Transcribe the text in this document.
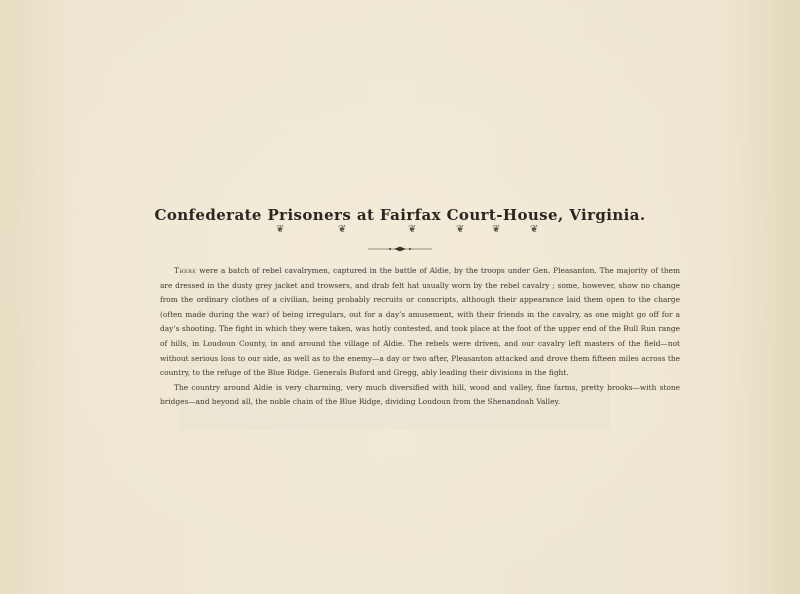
Confederate Prisoners at Fairfax Court-House, Virginia.
❦	❦	❦	❦	❦	❦

There were a batch of rebel cavalrymen, captured in the battle of Aldie, by the troops under Gen. Pleasanton. The majority of them are dressed in the dusty grey jacket and trowsers, and drab felt hat usually worn by the rebel cavalry ; some, however, show no change from the ordinary clothes of a civilian, being probably recruits or conscripts, although their appearance laid them open to the charge (often made during the war) of being irregulars, out for a day’s amusement, with their friends in the cavalry, as one might go off for a day’s shooting. The fight in which they were taken, was hotly contested, and took place at the foot of the upper end of the Bull Run range of hills, in Loudoun County, in and around the village of Aldie. The rebels were driven, and our cavalry left masters of the field—not without serious loss to our side, as well as to the enemy—a day or two after, Pleasanton attacked and drove them fifteen miles across the country, to the refuge of the Blue Ridge. Generals Buford and Gregg, ably leading their divisions in the fight.

The country around Aldie is very charming, very much diversified with hill, wood and valley, fine farms, pretty brooks—with stone bridges—and beyond all, the noble chain of the Blue Ridge, dividing Loudoun from the Shenandoah Valley.
